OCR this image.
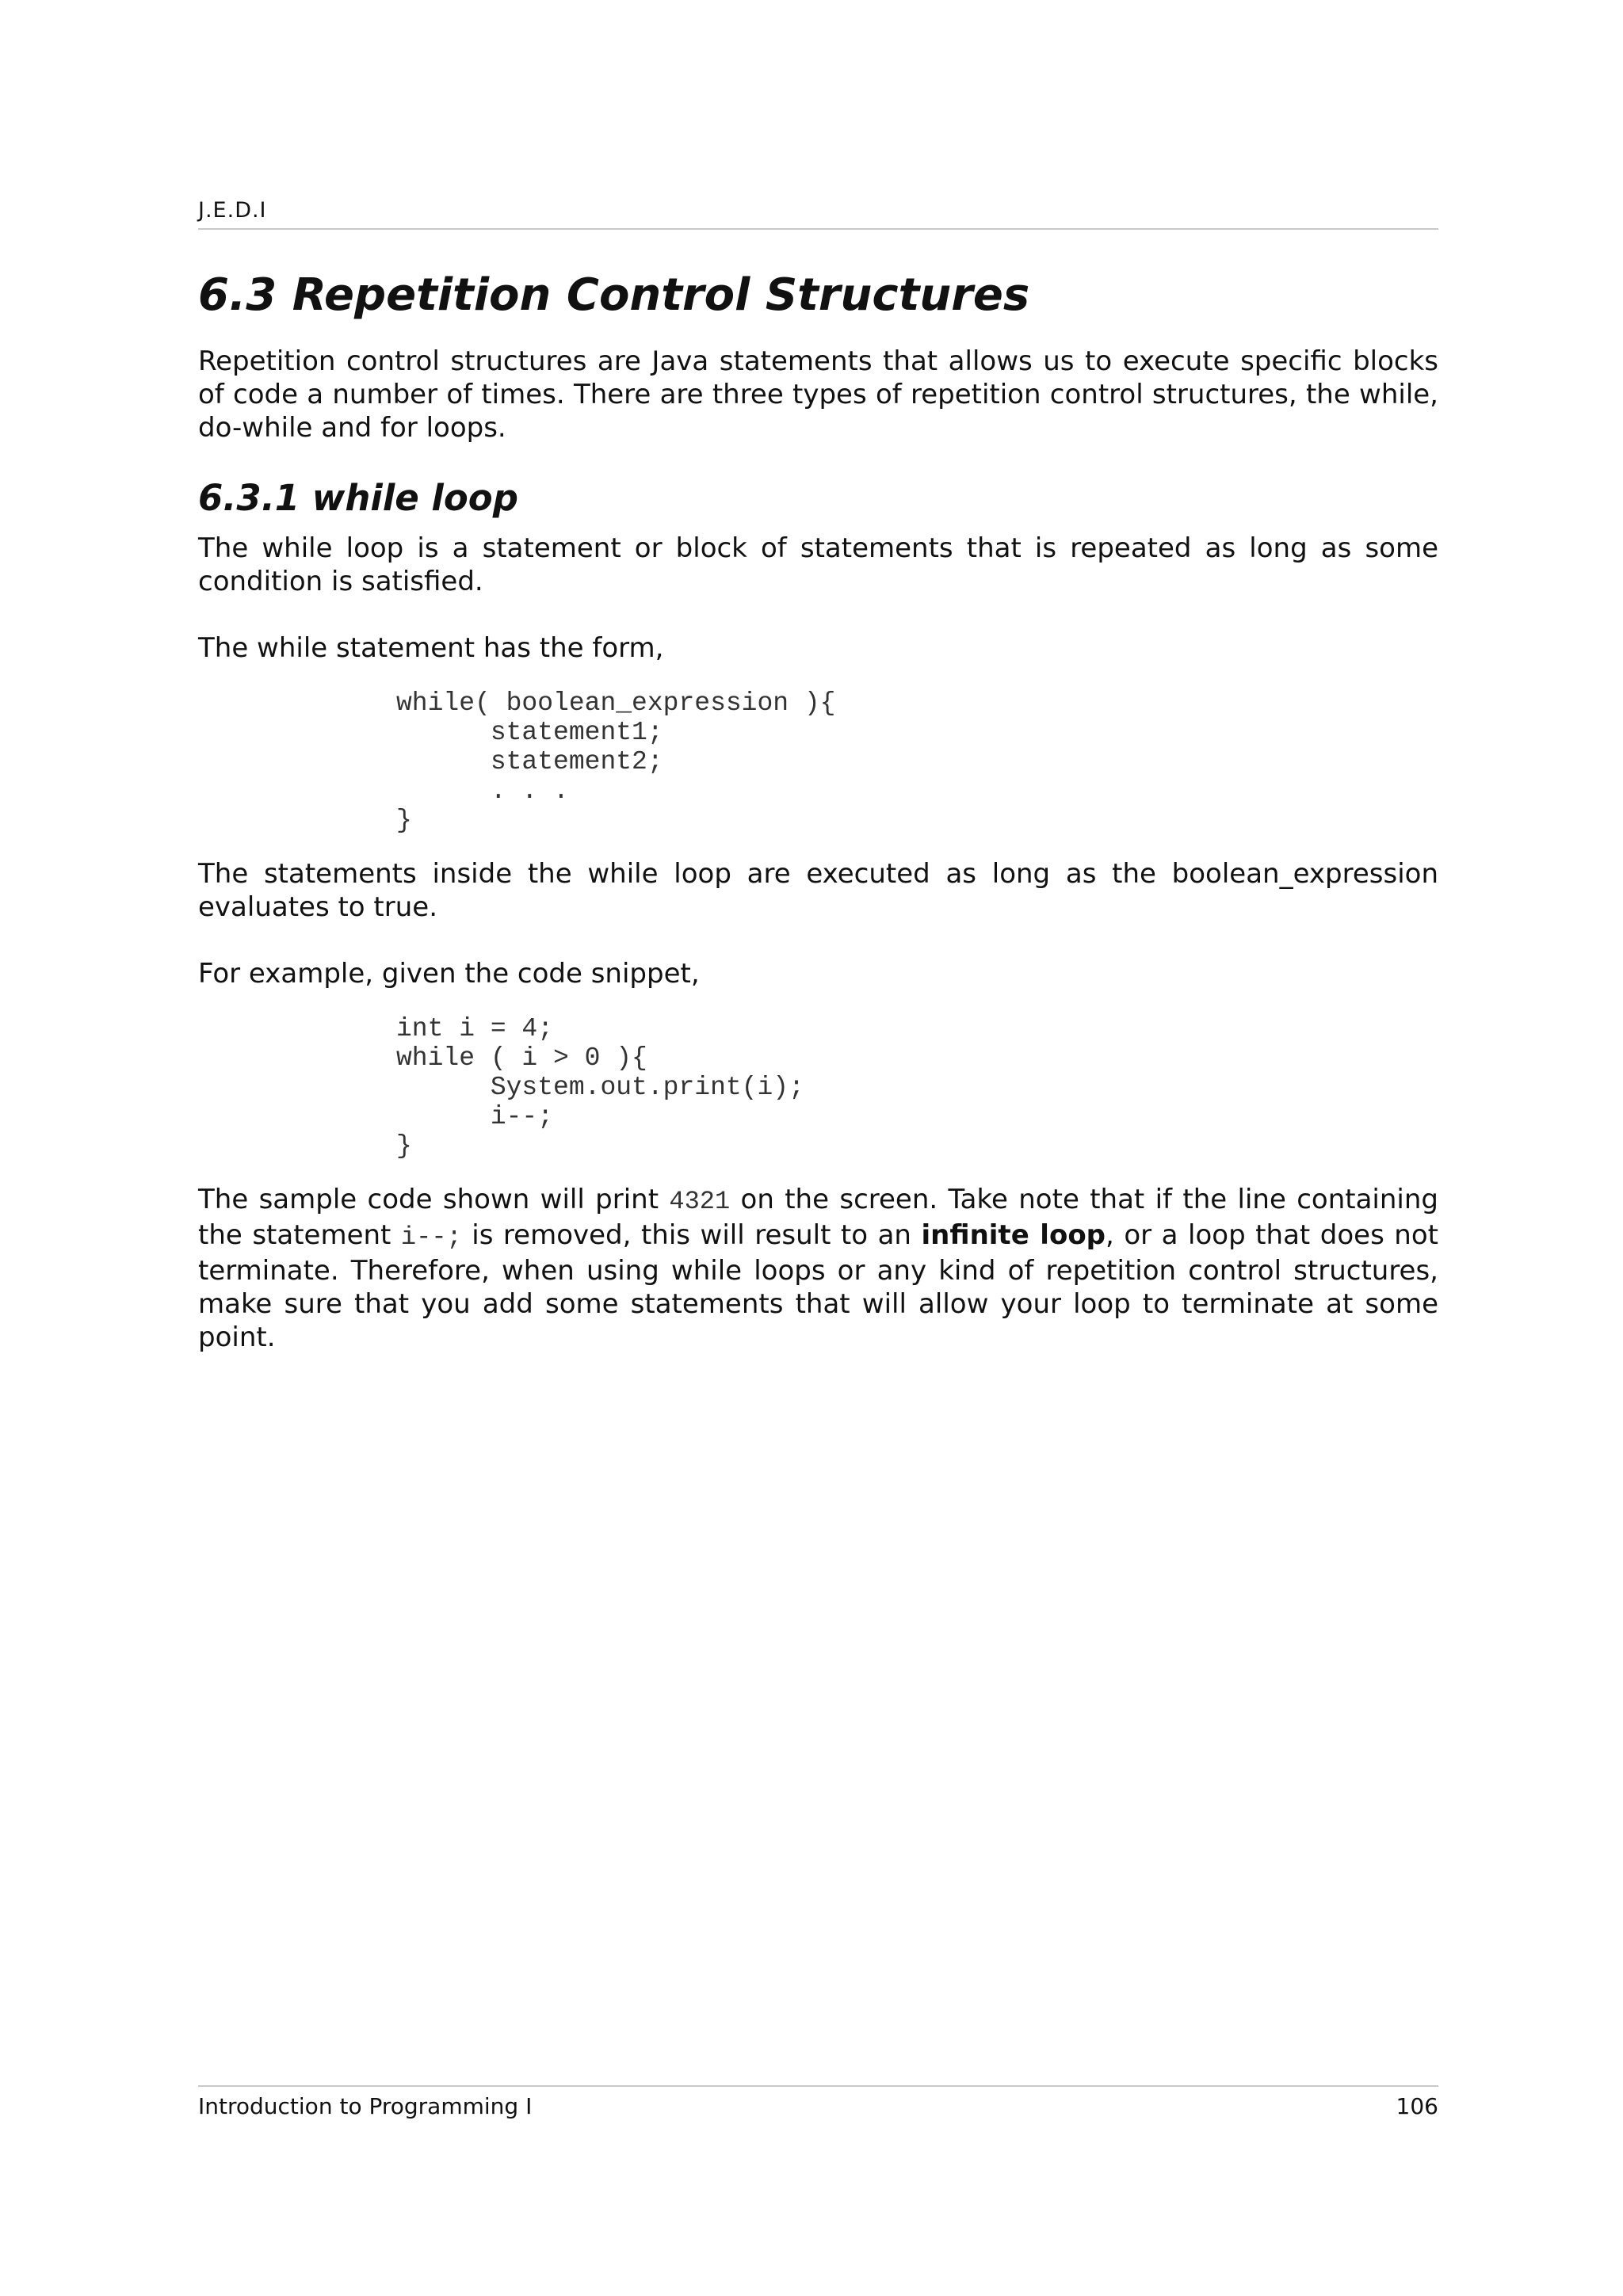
J.E.D.I
6.3 Repetition Control Structures

Repetition control structures are Java statements that allows us to execute specific blocks of code a number of times. There are three types of repetition control structures, the while, do-while and for loops.

6.3.1 while loop

The while loop is a statement or block of statements that is repeated as long as some condition is satisfied.

The while statement has the form,

while( boolean_expression ){
statement1;
statement2;
. . .
}

The statements inside the while loop are executed as long as the boolean_expression evaluates to true.

For example, given the code snippet,

int i = 4;
while ( i > 0 ){
System.out.print(i);
i--;
}

The sample code shown will print 4321 on the screen. Take note that if the line containing the statement i--; is removed, this will result to an infinite loop, or a loop that does not terminate. Therefore, when using while loops or any kind of repetition control structures, make sure that you add some statements that will allow your loop to terminate at some point.

Introduction to Programming I	106
